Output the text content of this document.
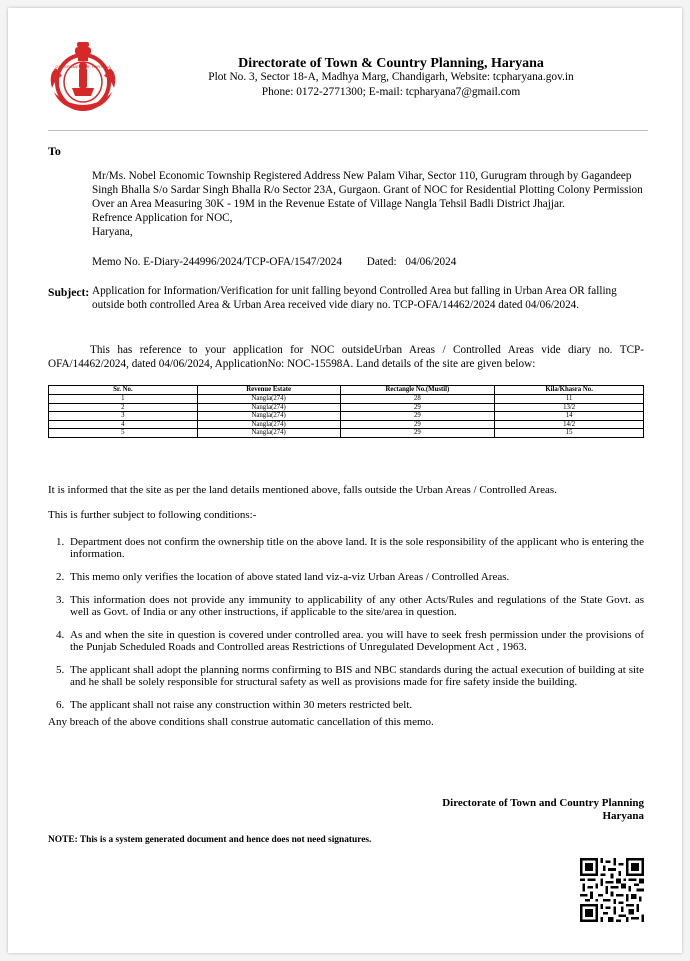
GOVERNMENT OF HARYANA	Directorate of Town & Country Planning, Haryana
Plot No. 3, Sector 18-A, Madhya Marg, Chandigarh, Website: tcpharyana.gov.in
Phone: 0172-2771300; E-mail: tcpharyana7@gmail.com
To
Mr/Ms. Nobel Economic Township Registered Address New Palam Vihar, Sector 110, Gurugram through by Gagandeep Singh Bhalla S/o Sardar Singh Bhalla R/o Sector 23A, Gurgaon. Grant of NOC for Residential Plotting Colony Permission Over an Area Measuring 30K - 19M in the Revenue Estate of Village Nangla Tehsil Badli District Jhajjar.
Refrence Application for NOC,
Haryana,
Memo No. E-Diary-244996/2024/TCP-OFA/1547/2024 Dated: 04/06/2024
Subject: Application for Information/Verification for unit falling beyond Controlled Area but falling in Urban Area OR falling outside both controlled Area & Urban Area received vide diary no. TCP-OFA/14462/2024 dated 04/06/2024.
This has reference to your application for NOC outsideUrban Areas / Controlled Areas vide diary no. TCP-OFA/14462/2024, dated 04/06/2024, ApplicationNo: NOC-15598A. Land details of the site are given below:
Sr. No.	Revenue Estate	Rectangle No.(Mustil)	Kila/Khasra No.
1	Nangla(274)	28	11
2	Nangla(274)	29	13/2
3	Nangla(274)	29	14
4	Nangla(274)	29	14/2
5	Nangla(274)	29	15
It is informed that the site as per the land details mentioned above, falls outside the Urban Areas / Controlled Areas.
This is further subject to following conditions:-
1. Department does not confirm the ownership title on the above land. It is the sole responsibility of the applicant who is entering the information.
2. This memo only verifies the location of above stated land viz-a-viz Urban Areas / Controlled Areas.
3. This information does not provide any immunity to applicability of any other Acts/Rules and regulations of the State Govt. as well as Govt. of India or any other instructions, if applicable to the site/area in question.
4. As and when the site in question is covered under controlled area. you will have to seek fresh permission under the provisions of the Punjab Scheduled Roads and Controlled areas Restrictions of Unregulated Development Act , 1963.
5. The applicant shall adopt the planning norms confirming to BIS and NBC standards during the actual execution of building at site and he shall be solely responsible for structural safety as well as provisions made for fire safety inside the building.
6. The applicant shall not raise any construction within 30 meters restricted belt.
Any breach of the above conditions shall construe automatic cancellation of this memo.
Directorate of Town and Country Planning
Haryana
NOTE: This is a system generated document and hence does not need signatures.
